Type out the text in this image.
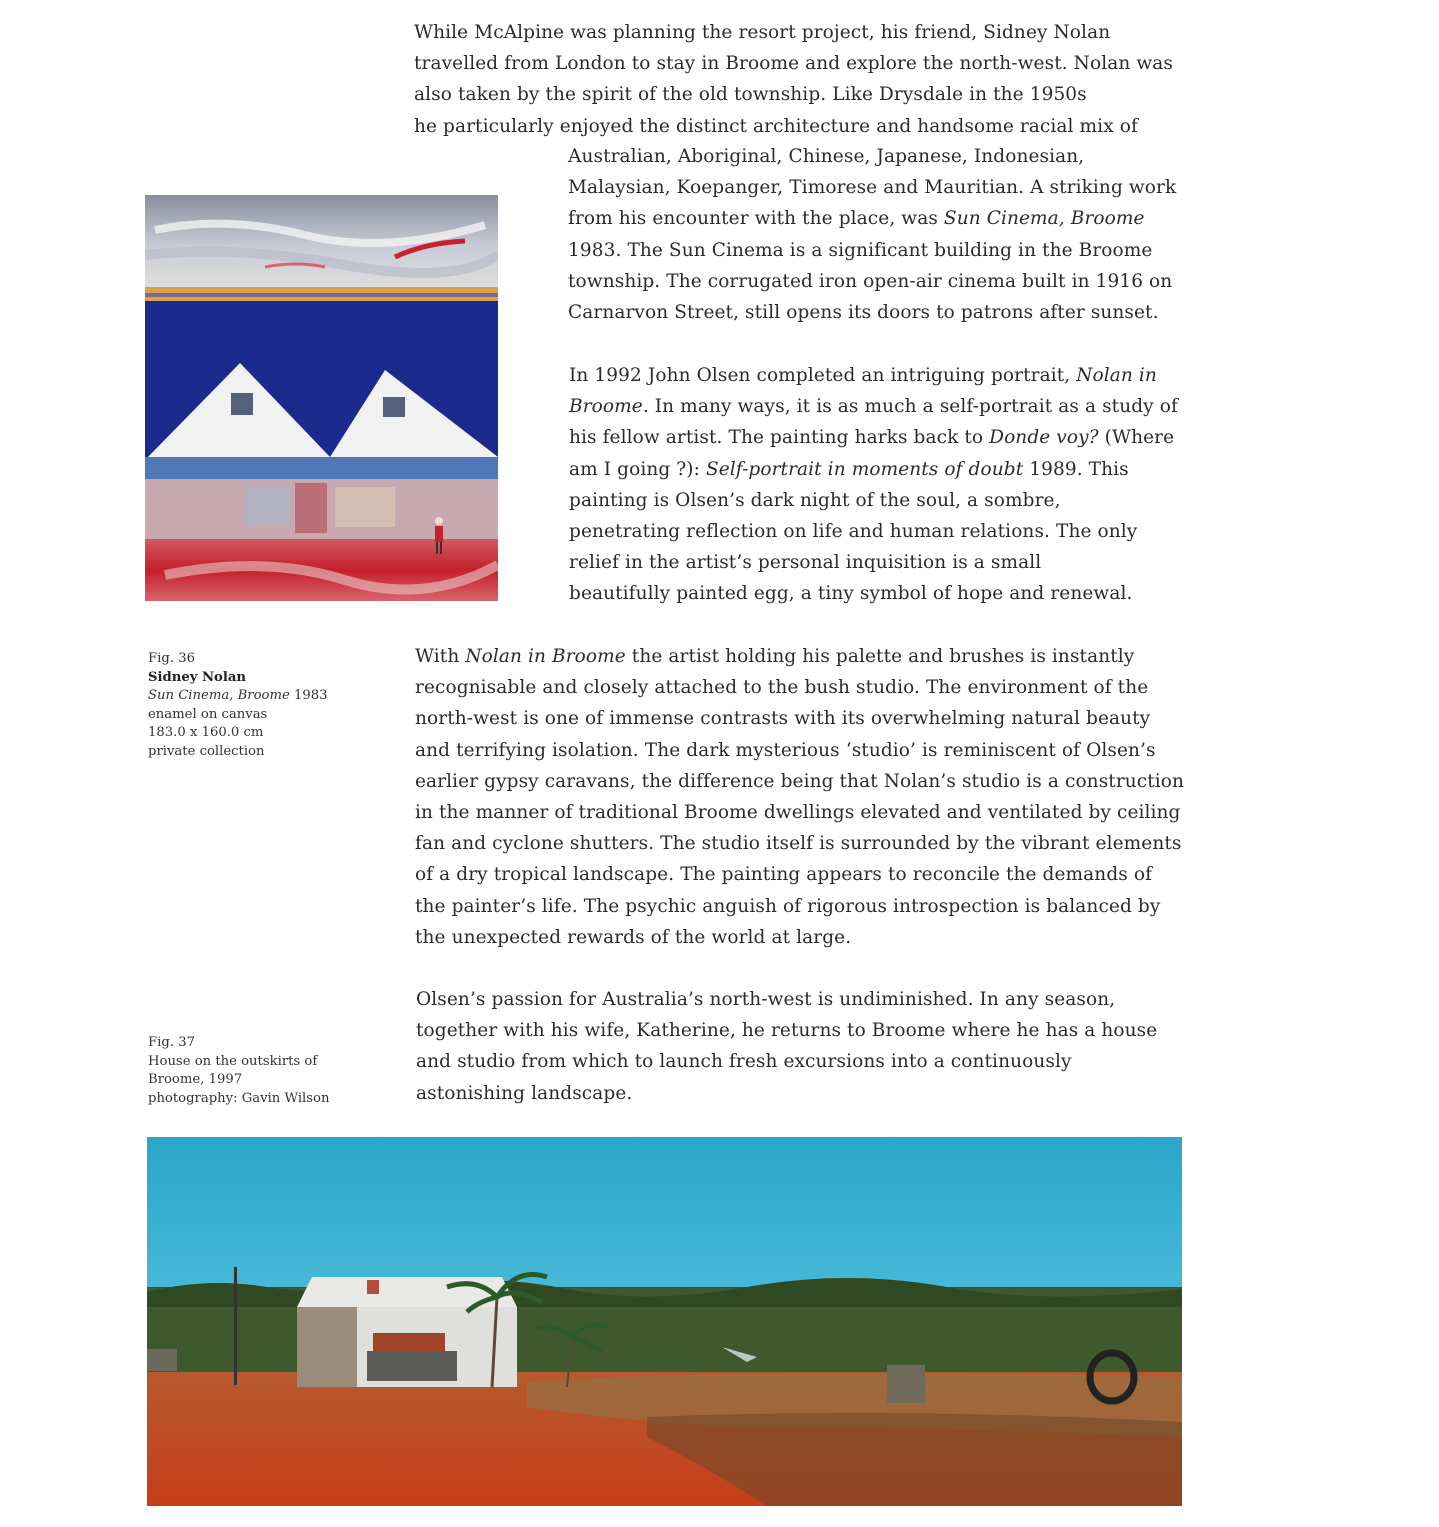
While McAlpine was planning the resort project, his friend, Sidney Nolan
travelled from London to stay in Broome and explore the north-west. Nolan was
also taken by the spirit of the old township. Like Drysdale in the 1950s
he particularly enjoyed the distinct architecture and handsome racial mix of
Australian, Aboriginal, Chinese, Japanese, Indonesian,
Malaysian, Koepanger, Timorese and Mauritian. A striking work
from his encounter with the place, was Sun Cinema, Broome
1983. The Sun Cinema is a significant building in the Broome
township. The corrugated iron open-air cinema built in 1916 on
Carnarvon Street, still opens its doors to patrons after sunset.
In 1992 John Olsen completed an intriguing portrait, Nolan in
Broome. In many ways, it is as much a self-portrait as a study of
his fellow artist. The painting harks back to Donde voy? (Where
am I going ?): Self-portrait in moments of doubt 1989. This
painting is Olsen’s dark night of the soul, a sombre,
penetrating reflection on life and human relations. The only
relief in the artist’s personal inquisition is a small
beautifully painted egg, a tiny symbol of hope and renewal.
With Nolan in Broome the artist holding his palette and brushes is instantly
recognisable and closely attached to the bush studio. The environment of the
north-west is one of immense contrasts with its overwhelming natural beauty
and terrifying isolation. The dark mysterious ‘studio’ is reminiscent of Olsen’s
earlier gypsy caravans, the difference being that Nolan’s studio is a construction
in the manner of traditional Broome dwellings elevated and ventilated by ceiling
fan and cyclone shutters. The studio itself is surrounded by the vibrant elements
of a dry tropical landscape. The painting appears to reconcile the demands of
the painter’s life. The psychic anguish of rigorous introspection is balanced by
the unexpected rewards of the world at large.
Olsen’s passion for Australia’s north-west is undiminished. In any season,
together with his wife, Katherine, he returns to Broome where he has a house
and studio from which to launch fresh excursions into a continuously
astonishing landscape.
Fig. 36
Sidney Nolan
Sun Cinema, Broome 1983
enamel on canvas
183.0 x 160.0 cm
private collection
Fig. 37
House on the outskirts of
Broome, 1997
photography: Gavin Wilson
